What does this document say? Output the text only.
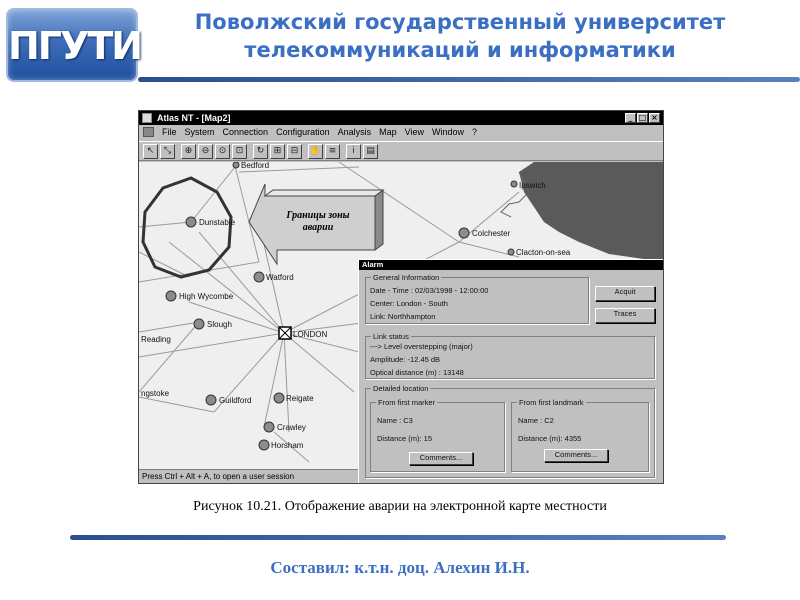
ПГУТИ
Поволжский государственный университет
телекоммуникаций и информатики
Atlas NT - [Map2]	_ □ ×
File System Connection Configuration Analysis Map View Window ?
↖	⤡	⊕	⊖	⊙	⊡	↻	⊞	⊟	✋ ≡	i	▤
Bedford
Dunstable
Ipswich
Colchester
Clacton-on-sea
Watford
High Wycombe
Slough
LONDON
Reading
ngstoke
Guildford	Reigate
Crawley
Horsham
Границы зоны аварии
Press Ctrl + Alt + A, to open a user session
Alarm
General Information
Date - Time : 02/03/1998 - 12:00:00
Center: London - South
Link: Northhampton
Acquit
Traces
Link status
---> Level overstepping (major)
Amplitude: -12.45 dB
Optical distance (m) : 13148
Detailed location
From first marker
Name : C3
Distance (m): 15
Comments...
From first landmark
Name : C2
Distance (m): 4355
Comments...
Рисунок 10.21. Отображение аварии на электронной карте местности
Составил: к.т.н. доц. Алехин И.Н.
